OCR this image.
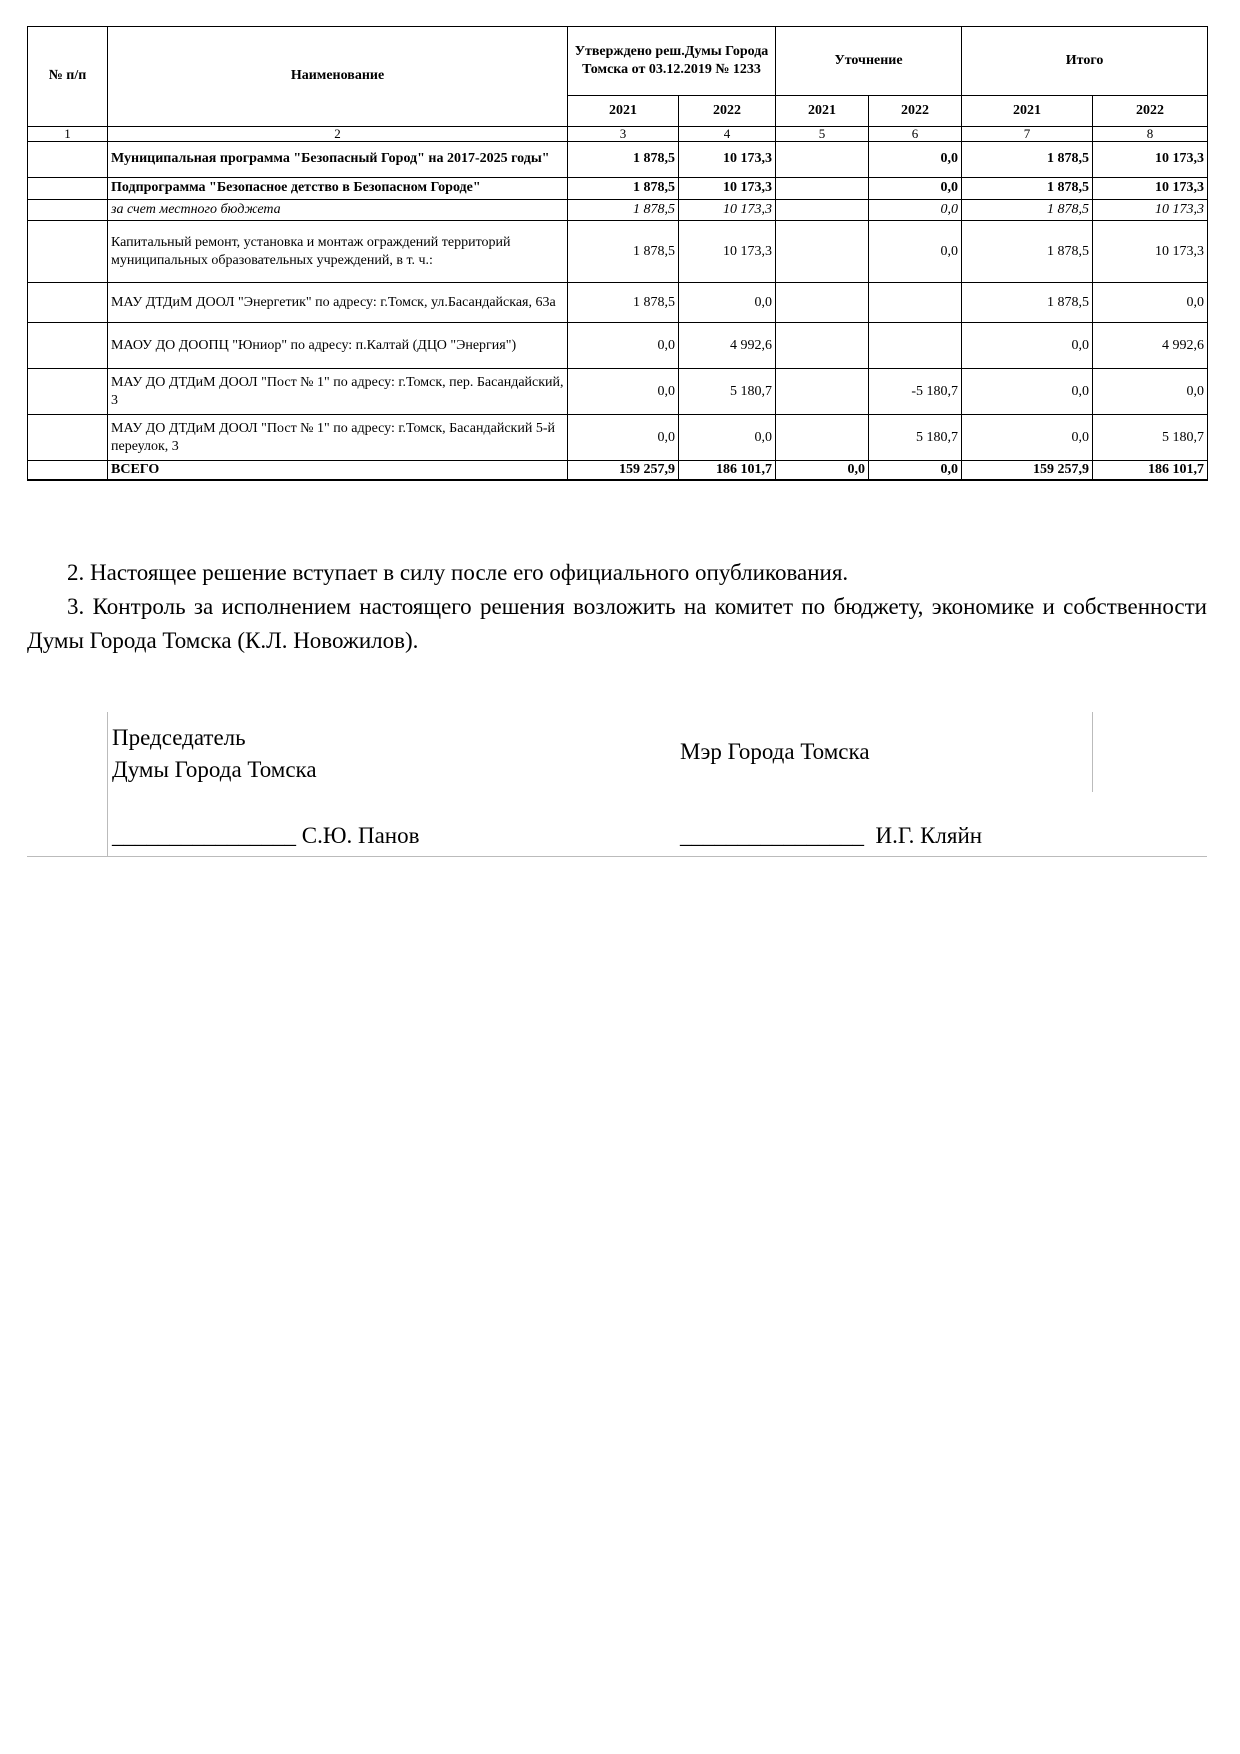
№ п/п	Наименование	Утверждено реш.Думы Города Томска от 03.12.2019 № 1233		Уточнение		Итого	
		2021	2022	2021	2022	2021	2022
1	2	3	4	5	6	7	8
	Муниципальная программа "Безопасный Город" на 2017-2025 годы"	1 878,5	10 173,3		0,0	1 878,5	10 173,3
	Подпрограмма "Безопасное детство в Безопасном Городе"	1 878,5	10 173,3		0,0	1 878,5	10 173,3
	за счет местного бюджета	1 878,5	10 173,3		0,0	1 878,5	10 173,3
	Капитальный ремонт, установка и монтаж ограждений территорий муниципальных образовательных учреждений, в т. ч.:	1 878,5	10 173,3		0,0	1 878,5	10 173,3
	МАУ ДТДиМ ДООЛ "Энергетик" по адресу: г.Томск, ул.Басандайская, 63а	1 878,5	0,0			1 878,5	0,0
	МАОУ ДО ДООПЦ "Юниор" по адресу: п.Калтай (ДЦО "Энергия")	0,0	4 992,6			0,0	4 992,6
	МАУ ДО ДТДиМ ДООЛ "Пост № 1" по адресу: г.Томск, пер. Басандайский, 3	0,0	5 180,7		-5 180,7	0,0	0,0
	МАУ ДО ДТДиМ ДООЛ "Пост № 1" по адресу: г.Томск, Басандайский 5-й переулок, 3	0,0	0,0		5 180,7	0,0	5 180,7
	ВСЕГО	159 257,9	186 101,7	0,0	0,0	159 257,9	186 101,7

2. Настоящее решение вступает в силу после его официального опубликования.

3. Контроль за исполнением настоящего решения возложить на комитет по бюджету, экономике и собственности Думы Города Томска (К.Л. Новожилов).

Председатель
Думы Города Томска
Мэр Города Томска
________________ С.Ю. Панов	________________  И.Г. Кляйн
